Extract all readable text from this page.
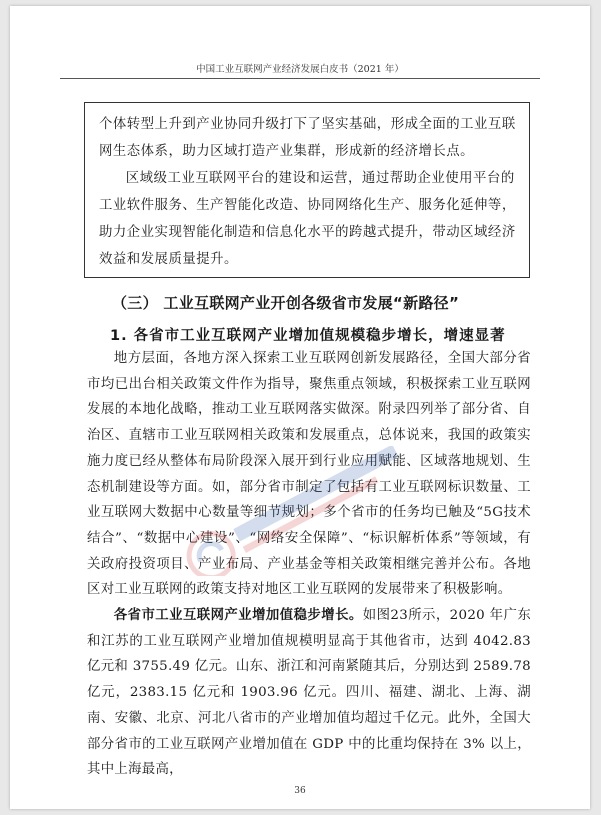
中国工业互联网产业经济发展白皮书（2021 年）

个体转型上升到产业协同升级打下了坚实基础，形成全面的工业互联网生态体系，助力区域打造产业集群，形成新的经济增长点。

区域级工业互联网平台的建设和运营，通过帮助企业使用平台的工业软件服务、生产智能化改造、协同网络化生产、服务化延伸等，助力企业实现智能化制造和信息化水平的跨越式提升，带动区域经济效益和发展质量提升。

（三） 工业互联网产业开创各级省市发展“新路径”
1. 各省市工业互联网产业增加值规模稳步增长，增速显著

地方层面，各地方深入探索工业互联网创新发展路径，全国大部分省市均已出台相关政策文件作为指导，聚焦重点领域，积极探索工业互联网发展的本地化战略，推动工业互联网落实做深。附录四列举了部分省、自治区、直辖市工业互联网相关政策和发展重点，总体说来，我国的政策实施力度已经从整体布局阶段深入展开到行业应用赋能、区域落地规划、生态机制建设等方面。如，部分省市制定了包括有工业互联网标识数量、工业互联网大数据中心数量等细节规划；多个省市的任务均已触及“5G技术结合”、“数据中心建设”、“网络安全保障”、“标识解析体系”等领域，有关政府投资项目、产业布局、产业基金等相关政策相继完善并公布。各地区对工业互联网的政策支持对地区工业互联网的发展带来了积极影响。

各省市工业互联网产业增加值稳步增长。如图23所示，2020 年广东和江苏的工业互联网产业增加值规模明显高于其他省市，达到 4042.83 亿元和 3755.49 亿元。山东、浙江和河南紧随其后，分别达到 2589.78 亿元，2383.15 亿元和 1903.96 亿元。四川、福建、湖北、上海、湖南、安徽、北京、河北八省市的产业增加值均超过千亿元。此外，全国大部分省市的工业互联网产业增加值在 GDP 中的比重均保持在 3% 以上，其中上海最高，

36
